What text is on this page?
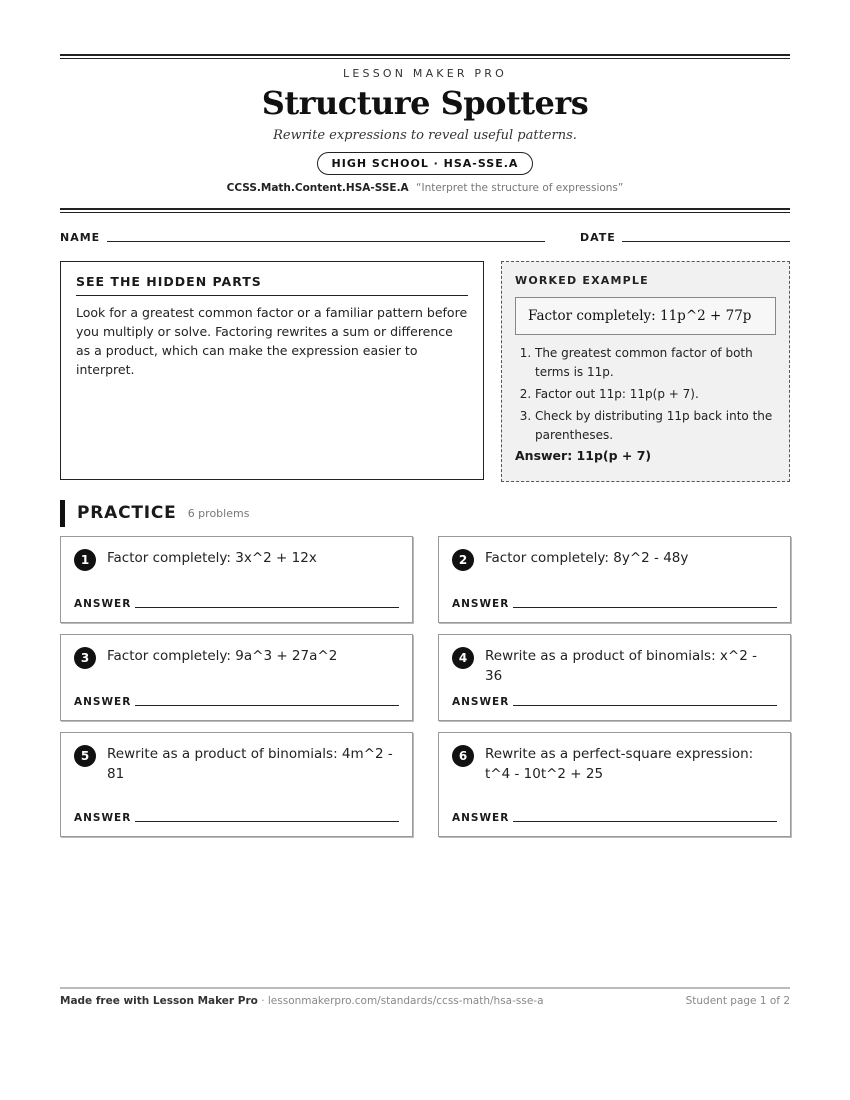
LESSON MAKER PRO
Structure Spotters
Rewrite expressions to reveal useful patterns.
HIGH SCHOOL · HSA-SSE.A
CCSS.Math.Content.HSA-SSE.A “Interpret the structure of expressions”
NAME	DATE
SEE THE HIDDEN PARTS
Look for a greatest common factor or a familiar pattern before you multiply or solve. Factoring rewrites a sum or difference as a product, which can make the expression easier to interpret.
WORKED EXAMPLE
Factor completely: 11p^2 + 77p
1. The greatest common factor of both terms is 11p.
2. Factor out 11p: 11p(p + 7).
3. Check by distributing 11p back into the parentheses.
Answer: 11p(p + 7)
PRACTICE 6 problems
1	Factor completely: 3x^2 + 12x
ANSWER
2	Factor completely: 8y^2 - 48y
ANSWER
3	Factor completely: 9a^3 + 27a^2
ANSWER
4	Rewrite as a product of binomials: x^2 - 36
ANSWER
5	Rewrite as a product of binomials: 4m^2 - 81
ANSWER
6	Rewrite as a perfect-square expression: t^4 - 10t^2 + 25
ANSWER
Made free with Lesson Maker Pro · lessonmakerpro.com/standards/ccss-math/hsa-sse-a	Student page 1 of 2
